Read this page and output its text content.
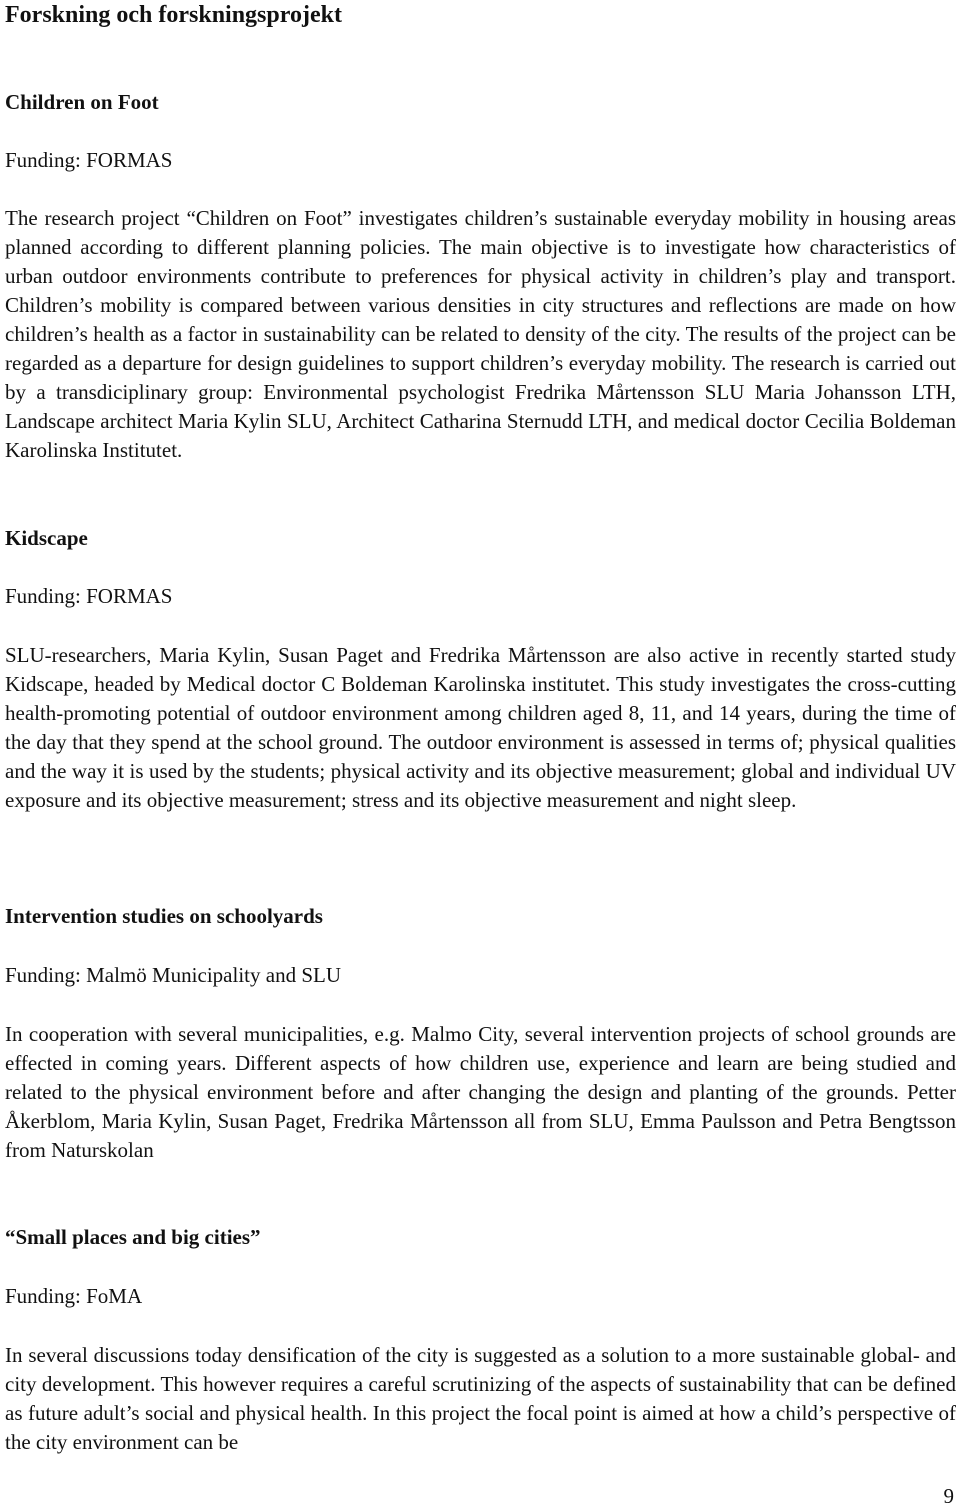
Forskning och forskningsprojekt
Children on Foot

Funding: FORMAS

The research project “Children on Foot” investigates children’s sustainable everyday mobility in housing areas planned according to different planning policies. The main objective is to investigate how characteristics of urban outdoor environments contribute to preferences for physical activity in children’s play and transport. Children’s mobility is compared between various densities in city structures and reflections are made on how children’s health as a factor in sustainability can be related to density of the city. The results of the project can be regarded as a departure for design guidelines to support children’s everyday mobility. The research is carried out by a transdiciplinary group: Environmental psychologist Fredrika Mårtensson SLU Maria Johansson LTH, Landscape architect Maria Kylin SLU, Architect Catharina Sternudd LTH, and medical doctor Cecilia Boldeman Karolinska Institutet.

Kidscape

Funding: FORMAS

SLU-researchers, Maria Kylin, Susan Paget and Fredrika Mårtensson are also active in recently started study Kidscape, headed by Medical doctor C Boldeman Karolinska institutet. This study investigates the cross-cutting health-promoting potential of outdoor environment among children aged 8, 11, and 14 years, during the time of the day that they spend at the school ground. The outdoor environment is assessed in terms of; physical qualities and the way it is used by the students; physical activity and its objective measurement; global and individual UV exposure and its objective measurement; stress and its objective measurement and night sleep.

Intervention studies on schoolyards

Funding: Malmö Municipality and SLU

In cooperation with several municipalities, e.g. Malmo City, several intervention projects of school grounds are effected in coming years. Different aspects of how children use, experience and learn are being studied and related to the physical environment before and after changing the design and planting of the grounds. Petter Åkerblom, Maria Kylin, Susan Paget, Fredrika Mårtensson all from SLU, Emma Paulsson and Petra Bengtsson from Naturskolan

“Small places and big cities”

Funding: FoMA

In several discussions today densification of the city is suggested as a solution to a more sustainable global- and city development. This however requires a careful scrutinizing of the aspects of sustainability that can be defined as future adult’s social and physical health. In this project the focal point is aimed at how a child’s perspective of the city environment can be

9
